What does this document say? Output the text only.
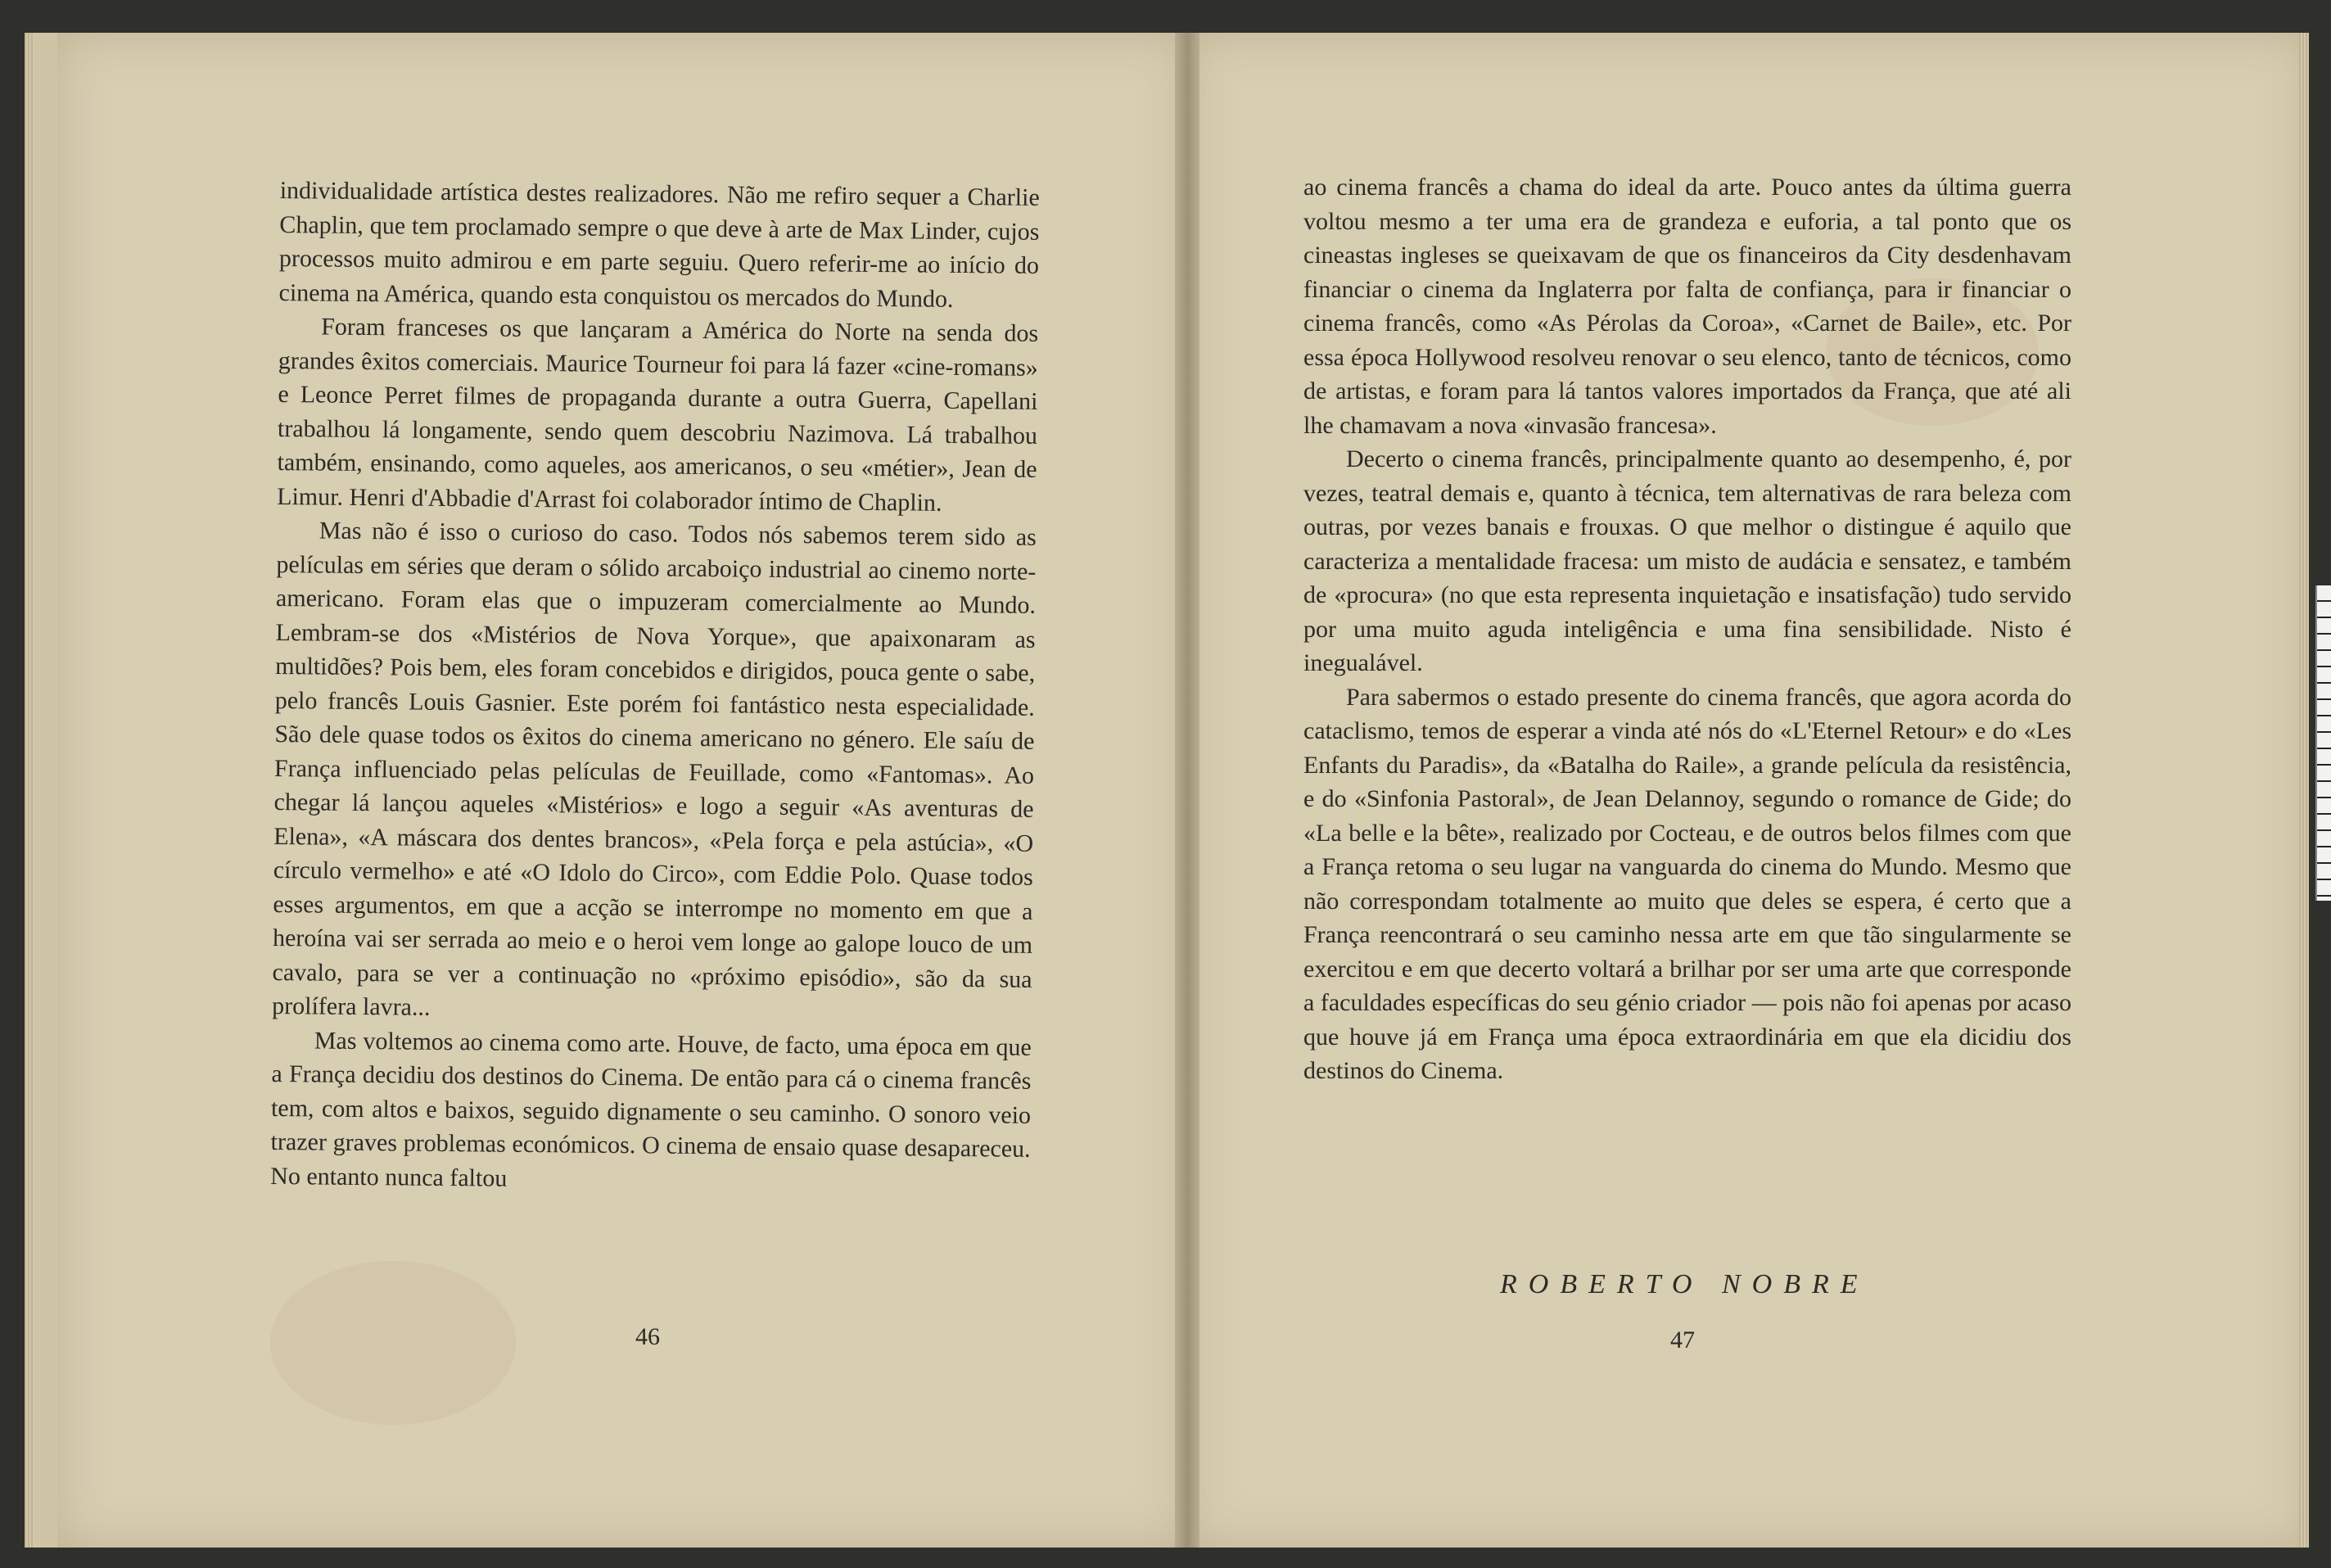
individualidade artística destes realizadores. Não me refiro sequer a Charlie Chaplin, que tem proclamado sempre o que deve à arte de Max Linder, cujos processos muito admirou e em parte seguiu. Quero referir-me ao início do cinema na América, quando esta conquistou os mercados do Mundo.

Foram franceses os que lançaram a América do Norte na senda dos grandes êxitos comerciais. Maurice Tourneur foi para lá fazer «cine-romans» e Leonce Perret filmes de propaganda durante a outra Guerra, Capellani trabalhou lá longamente, sendo quem descobriu Nazimova. Lá trabalhou também, ensinando, como aqueles, aos americanos, o seu «métier», Jean de Limur. Henri d'Abbadie d'Arrast foi colaborador íntimo de Chaplin.

Mas não é isso o curioso do caso. Todos nós sabemos terem sido as películas em séries que deram o sólido arcaboiço industrial ao cinemo norte-americano. Foram elas que o impuzeram comercialmente ao Mundo. Lembram-se dos «Mistérios de Nova Yorque», que apaixonaram as multidões? Pois bem, eles foram concebidos e dirigidos, pouca gente o sabe, pelo francês Louis Gasnier. Este porém foi fantástico nesta especialidade. São dele quase todos os êxitos do cinema americano no género. Ele saíu de França influenciado pelas películas de Feuillade, como «Fantomas». Ao chegar lá lançou aqueles «Mistérios» e logo a seguir «As aventuras de Elena», «A máscara dos dentes brancos», «Pela força e pela astúcia», «O círculo vermelho» e até «O Idolo do Circo», com Eddie Polo. Quase todos esses argumentos, em que a acção se interrompe no momento em que a heroína vai ser serrada ao meio e o heroi vem longe ao galope louco de um cavalo, para se ver a continuação no «próximo episódio», são da sua prolífera lavra...

Mas voltemos ao cinema como arte. Houve, de facto, uma época em que a França decidiu dos destinos do Cinema. De então para cá o cinema francês tem, com altos e baixos, seguido dignamente o seu caminho. O sonoro veio trazer graves problemas económicos. O cinema de ensaio quase desapareceu. No entanto nunca faltou

46

ao cinema francês a chama do ideal da arte. Pouco antes da última guerra voltou mesmo a ter uma era de grandeza e euforia, a tal ponto que os cineastas ingleses se queixavam de que os financeiros da City desdenhavam financiar o cinema da Inglaterra por falta de confiança, para ir financiar o cinema francês, como «As Pérolas da Coroa», «Carnet de Baile», etc. Por essa época Hollywood resolveu renovar o seu elenco, tanto de técnicos, como de artistas, e foram para lá tantos valores importados da França, que até ali lhe chamavam a nova «invasão francesa».

Decerto o cinema francês, principalmente quanto ao desempenho, é, por vezes, teatral demais e, quanto à técnica, tem alternativas de rara beleza com outras, por vezes banais e frouxas. O que melhor o distingue é aquilo que caracteriza a mentalidade fracesa: um misto de audácia e sensatez, e também de «procura» (no que esta representa inquietação e insatisfação) tudo servido por uma muito aguda inteligência e uma fina sensibilidade. Nisto é inegualável.

Para sabermos o estado presente do cinema francês, que agora acorda do cataclismo, temos de esperar a vinda até nós do «L'Eternel Retour» e do «Les Enfants du Paradis», da «Batalha do Raile», a grande película da resistência, e do «Sinfonia Pastoral», de Jean Delannoy, segundo o romance de Gide; do «La belle e la bête», realizado por Cocteau, e de outros belos filmes com que a França retoma o seu lugar na vanguarda do cinema do Mundo. Mesmo que não correspondam totalmente ao muito que deles se espera, é certo que a França reencontrará o seu caminho nessa arte em que tão singularmente se exercitou e em que decerto voltará a brilhar por ser uma arte que corresponde a faculdades específicas do seu génio criador — pois não foi apenas por acaso que houve já em França uma época extraordinária em que ela dicidiu dos destinos do Cinema.

ROBERTO NOBRE
47
